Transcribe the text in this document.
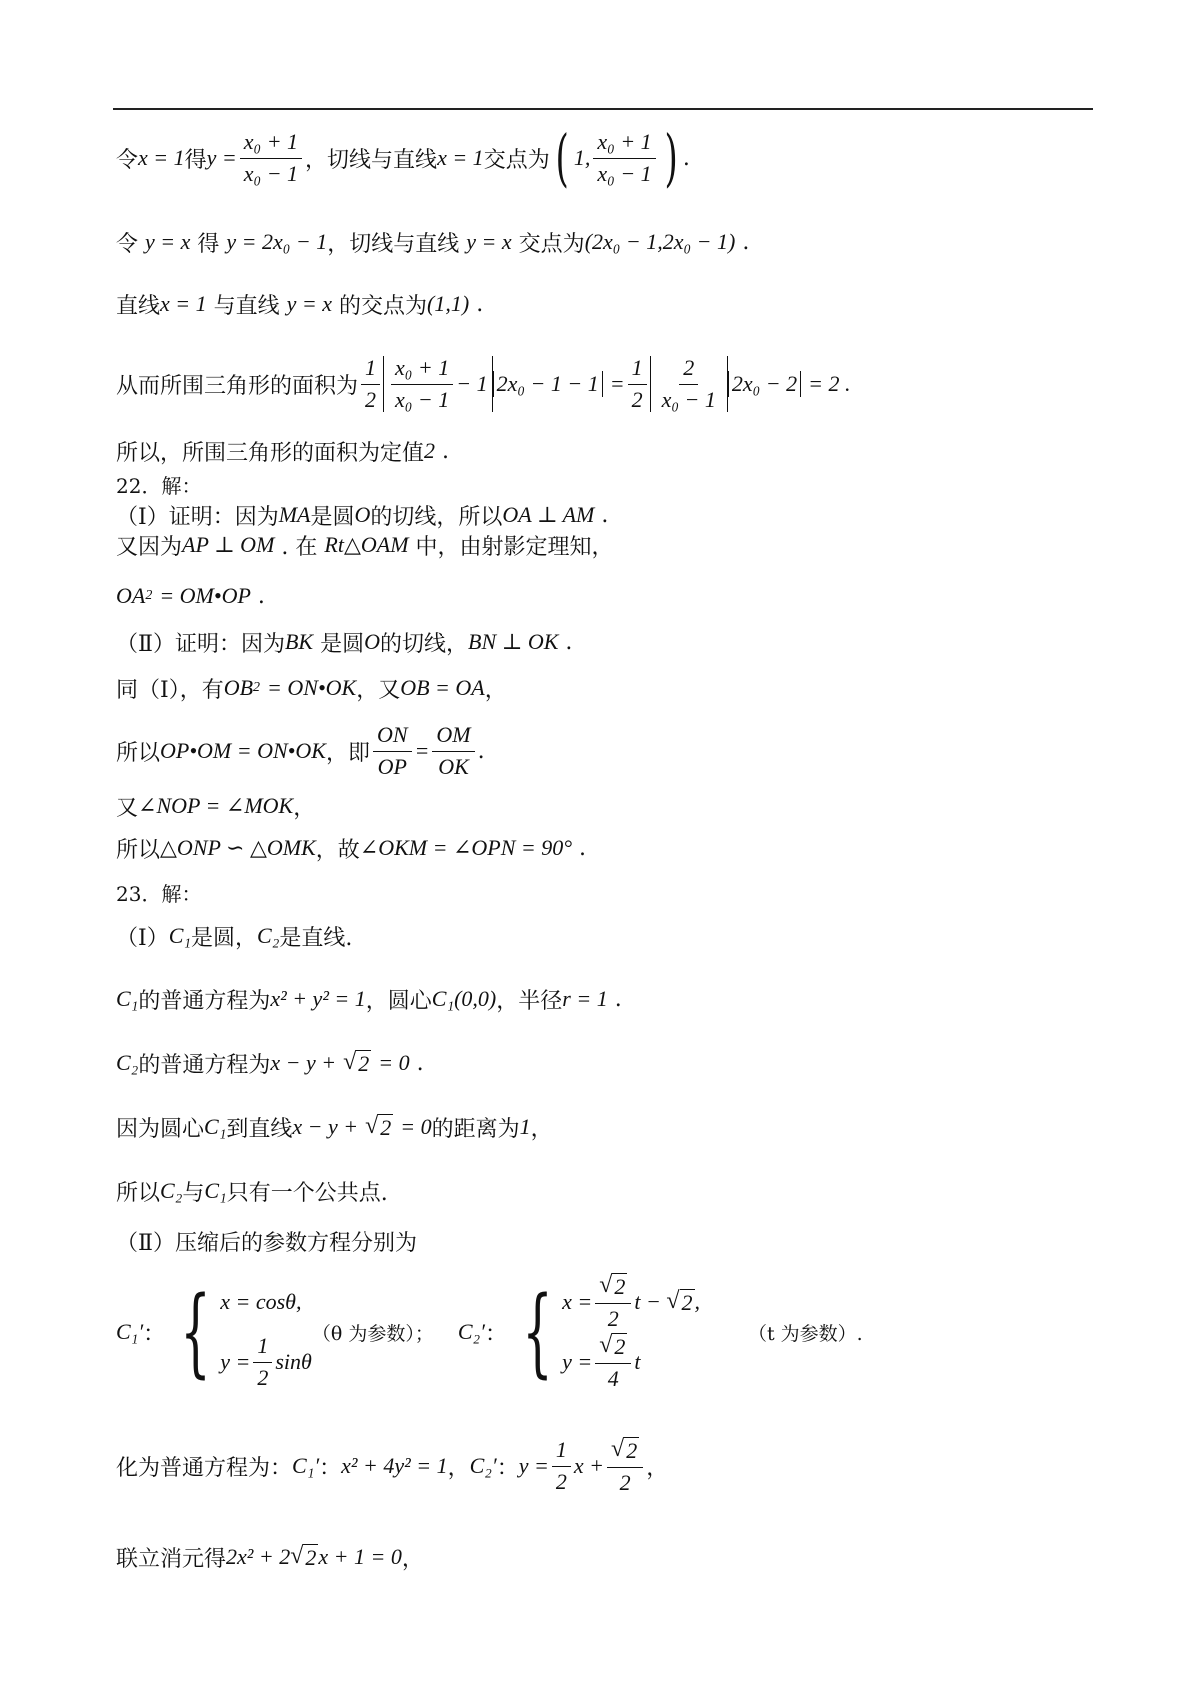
令 x = 1 得 $y = \frac{\text{x₀ + 1}}{\text{x₀ − 1}}$ ，切线与直线 x = 1 交点为 ( 1, $\frac{\text{x₀ + 1}}{\text{x₀ − 1}}$ ) .
令
y = x
得
y = 2x₀ − 1 ，切线与直线
y = x
交点为 (2x₀ − 1,2x₀ − 1)
.
直线 x = 1
与直线
y = x
的交点为 (1,1)
.
从而所围三角形的面积为 $\frac{1}{2} \frac{\text{x₀ + 1}}{\text{x₀ − 1}} - 1$ 2x₀ − 1 − 1
= $\frac{1}{2} \frac{2}{\text{x₀ − 1}} 2x_0 - 2$
= 2 .
所以，所围三角形的面积为定值 2
.
22．解：
（Ⅰ）证明：因为 MA 是圆 O 的切线，所以 OA ⊥ AM
.
又因为 AP ⊥ OM
. 在
Rt△OAM
中，由射影定理知，
OA 2
= OM•OP
.
（Ⅱ）证明：因为 BK
是圆 O 的切线， BN ⊥ OK
.
同（Ⅰ），有 OB 2
= ON•OK ，又 OB = OA ，
所以 OP•OM = ON•OK ，即 $\frac{ON}{OP} = \frac{OM}{OK}$ .
又 ∠NOP = ∠MOK ，
所以 △ONP ∽ △OMK ，故 ∠OKM = ∠OPN = 90°
.
23．解：
（Ⅰ） C₁ 是圆， C₂ 是直线.
C₁ 的普通方程为 x² + y² = 1 ，圆心 C₁(0,0) ，半径 r = 1
.
C₂ 的普通方程为 x − y +
√ 2
= 0
.
因为圆心 C₁ 到直线 x − y +
√ 2
= 0 的距离为 1 ，
所以 C₂ 与 C₁ 只有一个公共点.
（Ⅱ）压缩后的参数方程分别为
C₁′ ： { x = cosθ,
$y = \frac{1}{2}$ sinθ
（θ 为参数）； C₂′ ： { $x = \frac{√ 2}{2}$ t −
√ 2 ,
$y = \frac{√ 2}{4}$ t
（t 为参数）.
化为普通方程为： C₁′ ： x² + 4y² = 1 ， C₂′ ： $y = \frac{1}{2}$ $x + \frac{√ 2}{2}$ ，
联立消元得 2x² + 2 √ 2 x + 1 = 0 ，
